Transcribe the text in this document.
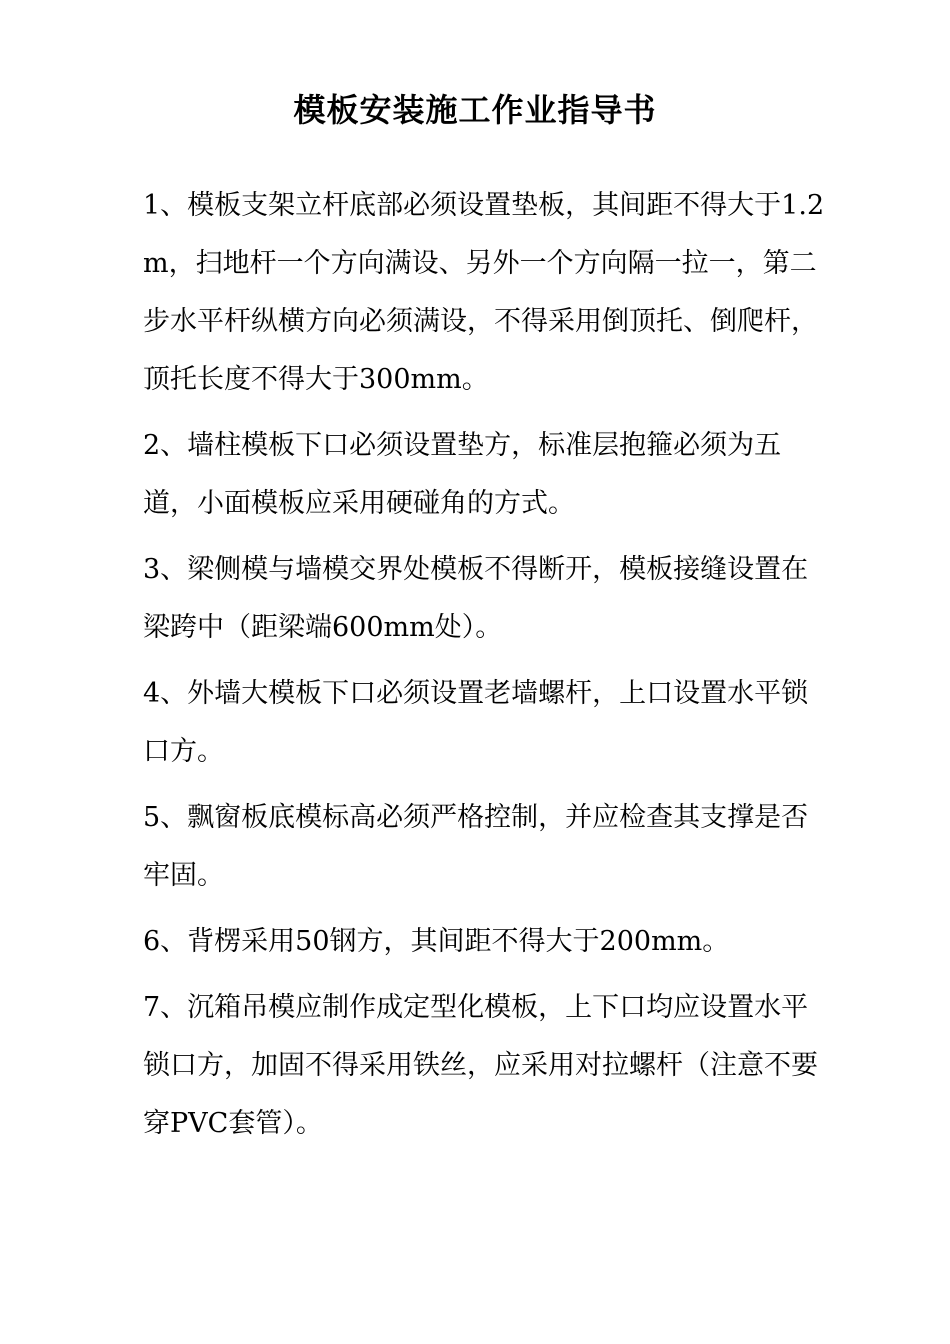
模板安装施工作业指导书

1、模板支架立杆底部必须设置垫板，其间距不得大于1.2m，扫地杆一个方向满设、另外一个方向隔一拉一，第二步水平杆纵横方向必须满设，不得采用倒顶托、倒爬杆，顶托长度不得大于300mm。

2、墙柱模板下口必须设置垫方，标准层抱箍必须为五道，小面模板应采用硬碰角的方式。

3、梁侧模与墙模交界处模板不得断开，模板接缝设置在梁跨中（距梁端600mm处）。

4、外墙大模板下口必须设置老墙螺杆，上口设置水平锁口方。

5、飘窗板底模标高必须严格控制，并应检查其支撑是否牢固。

6、背楞采用50钢方，其间距不得大于200mm。

7、沉箱吊模应制作成定型化模板，上下口均应设置水平锁口方，加固不得采用铁丝，应采用对拉螺杆（注意不要穿PVC套管）。
